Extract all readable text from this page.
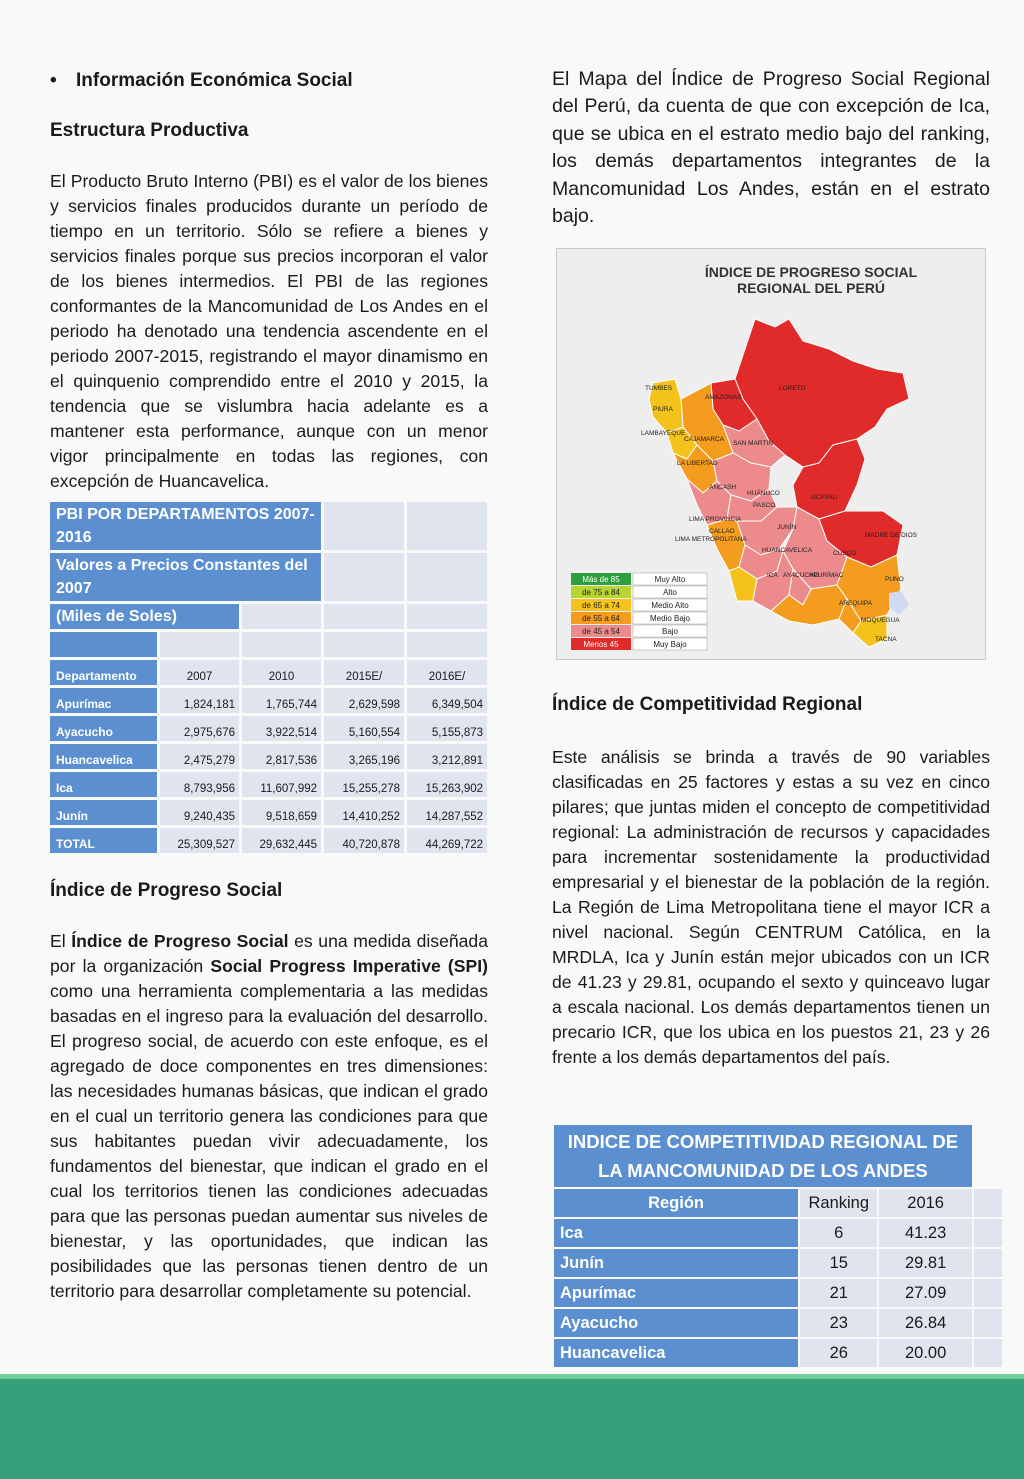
• Información Económica Social
Estructura Productiva

El Producto Bruto Interno (PBI) es el valor de los bienes y servicios finales producidos durante un período de tiempo en un territorio. Sólo se refiere a bienes y servicios finales porque sus precios incorporan el valor de los bienes intermedios. El PBI de las regiones conformantes de la Mancomunidad de Los Andes en el periodo ha denotado una tendencia ascendente en el periodo 2007-2015, registrando el mayor dinamismo en el quinquenio comprendido entre el 2010 y 2015, la tendencia que se vislumbra hacia adelante es a mantener esta performance, aunque con un menor vigor principalmente en todas las regiones, con excepción de Huancavelica.

PBI POR DEPARTAMENTOS 2007-2016				
Valores a Precios Constantes del 2007				
(Miles de Soles)				

Departamento	2007	2010	2015E/	2016E/
Apurímac	1,824,181	1,765,744	2,629,598	6,349,504
Ayacucho	2,975,676	3,922,514	5,160,554	5,155,873
Huancavelica	2,475,279	2,817,536	3,265,196	3,212,891
Ica	8,793,956	11,607,992	15,255,278	15,263,902
Junín	9,240,435	9,518,659	14,410,252	14,287,552
TOTAL	25,309,527	29,632,445	40,720,878	44,269,722
Índice de Progreso Social

El Índice de Progreso Social es una medida diseñada por la organización Social Progress Imperative (SPI) como una herramienta complementaria a las medidas basadas en el ingreso para la evaluación del desarrollo. El progreso social, de acuerdo con este enfoque, es el agregado de doce componentes en tres dimensiones: las necesidades humanas básicas, que indican el grado en el cual un territorio genera las condiciones para que sus habitantes puedan vivir adecuadamente, los fundamentos del bienestar, que indican el grado en el cual los territorios tienen las condiciones adecuadas para que las personas puedan aumentar sus niveles de bienestar, y las oportunidades, que indican las posibilidades que las personas tienen dentro de un territorio para desarrollar completamente su potencial.

El Mapa del Índice de Progreso Social Regional del Perú, da cuenta de que con excepción de Ica, que se ubica en el estrato medio bajo del ranking, los demás departamentos integrantes de la Mancomunidad Los Andes, están en el estrato bajo.

ÍNDICE DE PROGRESO SOCIAL
REGIONAL DEL PERÚ
TUMBES
AMAZONAS
LORETO
PIURA
LAMBAYEQUE
CAJAMARCA
SAN MARTIN
LA LIBERTAD
ANCASH
HUÁNUCO
PASCO
UCAYALI
LIMA PROVINCIA
JUNÍN
CALLAO
LIMA METROPOLITANA
MADRE DE DIOS
HUANCAVELICA	CUSCO
ICA AYACUCHO
APURÍMAC
PUNO
AREQUIPA
MOQUEGUA
TACNA
Más de 85	Muy Alto
de 75 a 84	Alto
de 65 a 74	Medio Alto
de 55 a 64	Medio Bajo
de 45 a 54	Bajo
Menos 45	Muy Bajo
Índice de Competitividad Regional

Este análisis se brinda a través de 90 variables clasificadas en 25 factores y estas a su vez en cinco pilares; que juntas miden el concepto de competitividad regional: La administración de recursos y capacidades para incrementar sostenidamente la productividad empresarial y el bienestar de la población de la región. La Región de Lima Metropolitana tiene el mayor ICR a nivel nacional. Según CENTRUM Católica, en la MRDLA, Ica y Junín están mejor ubicados con un ICR de 41.23 y 29.81, ocupando el sexto y quinceavo lugar a escala nacional. Los demás departamentos tienen un precario ICR, que los ubica en los puestos 21, 23 y 26 frente a los demás departamentos del país.

INDICE DE COMPETITIVIDAD REGIONAL DE LA MANCOMUNIDAD DE LOS ANDES			
Región	Ranking	2016	
Ica	6	41.23	
Junín	15	29.81	
Apurímac	21	27.09	
Ayacucho	23	26.84	
Huancavelica	26	20.00	
